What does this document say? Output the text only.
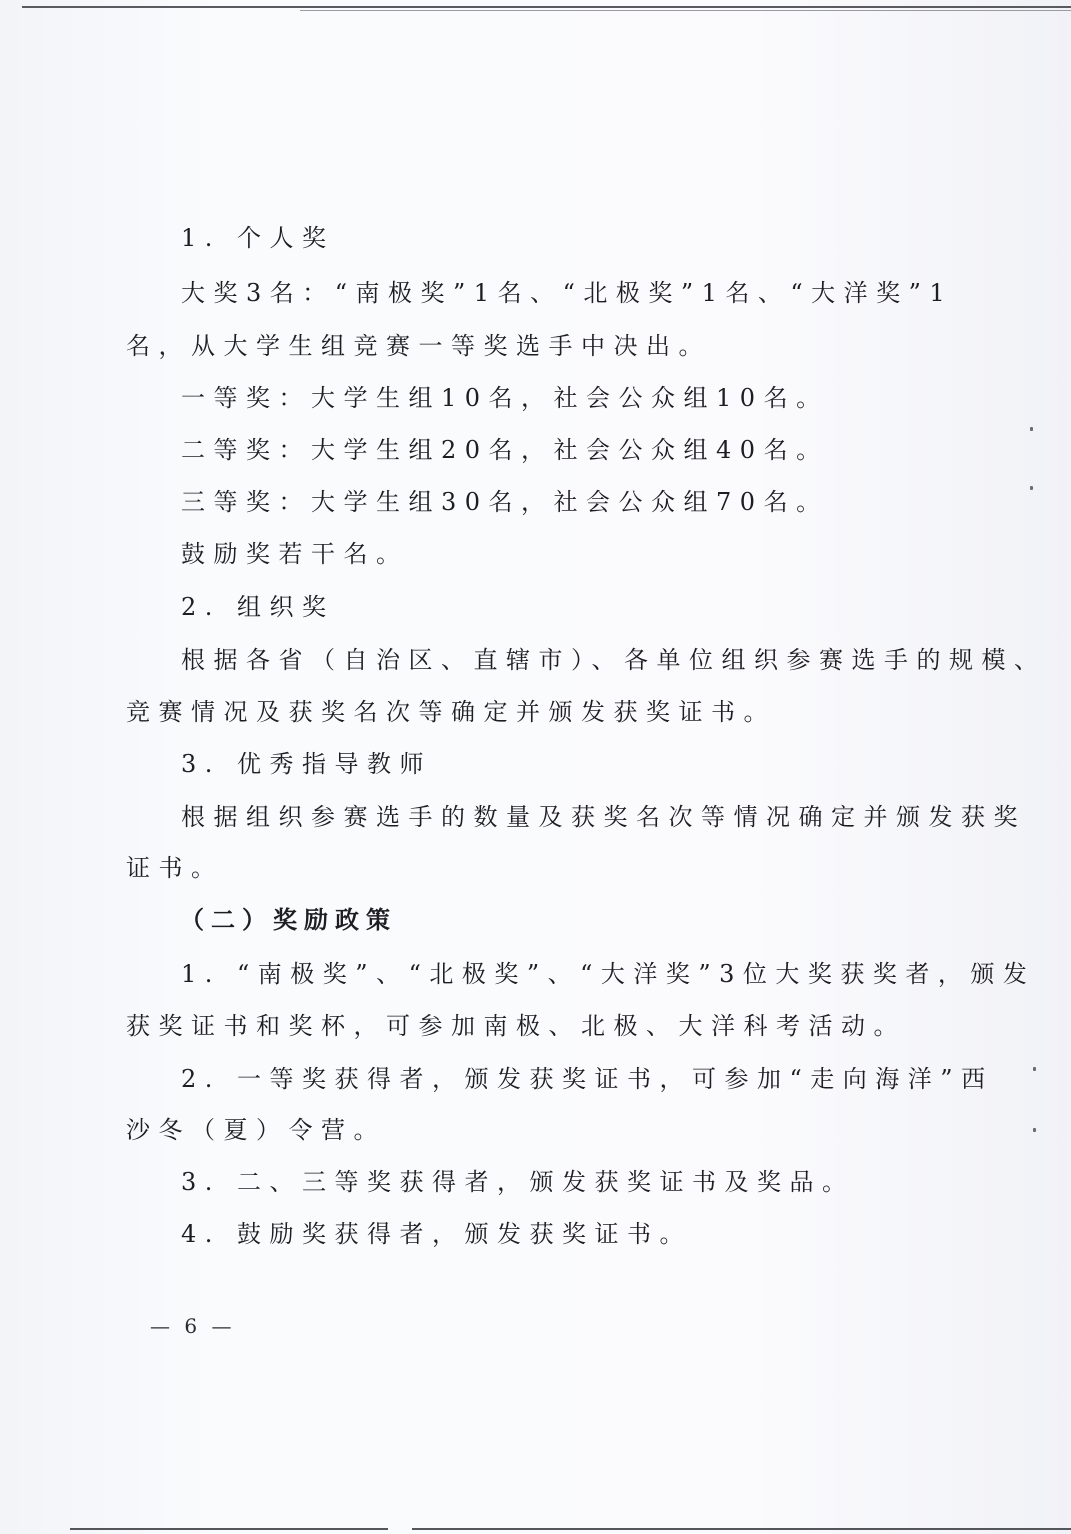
1. 个人奖
大奖3名：“南极奖”1名、“北极奖”1名、“大洋奖”1
名，从大学生组竞赛一等奖选手中决出。
一等奖：大学生组10名，社会公众组10名。
二等奖：大学生组20名，社会公众组40名。
三等奖：大学生组30名，社会公众组70名。
鼓励奖若干名。
2. 组织奖
根据各省（自治区、直辖市）、各单位组织参赛选手的规模、
竞赛情况及获奖名次等确定并颁发获奖证书。
3. 优秀指导教师
根据组织参赛选手的数量及获奖名次等情况确定并颁发获奖
证书。
（二）奖励政策
1. “南极奖”、“北极奖”、“大洋奖”3位大奖获奖者，颁发
获奖证书和奖杯，可参加南极、北极、大洋科考活动。
2. 一等奖获得者，颁发获奖证书，可参加“走向海洋”西
沙冬（夏）令营。
3. 二、三等奖获得者，颁发获奖证书及奖品。
4. 鼓励奖获得者，颁发获奖证书。
— 6 —
